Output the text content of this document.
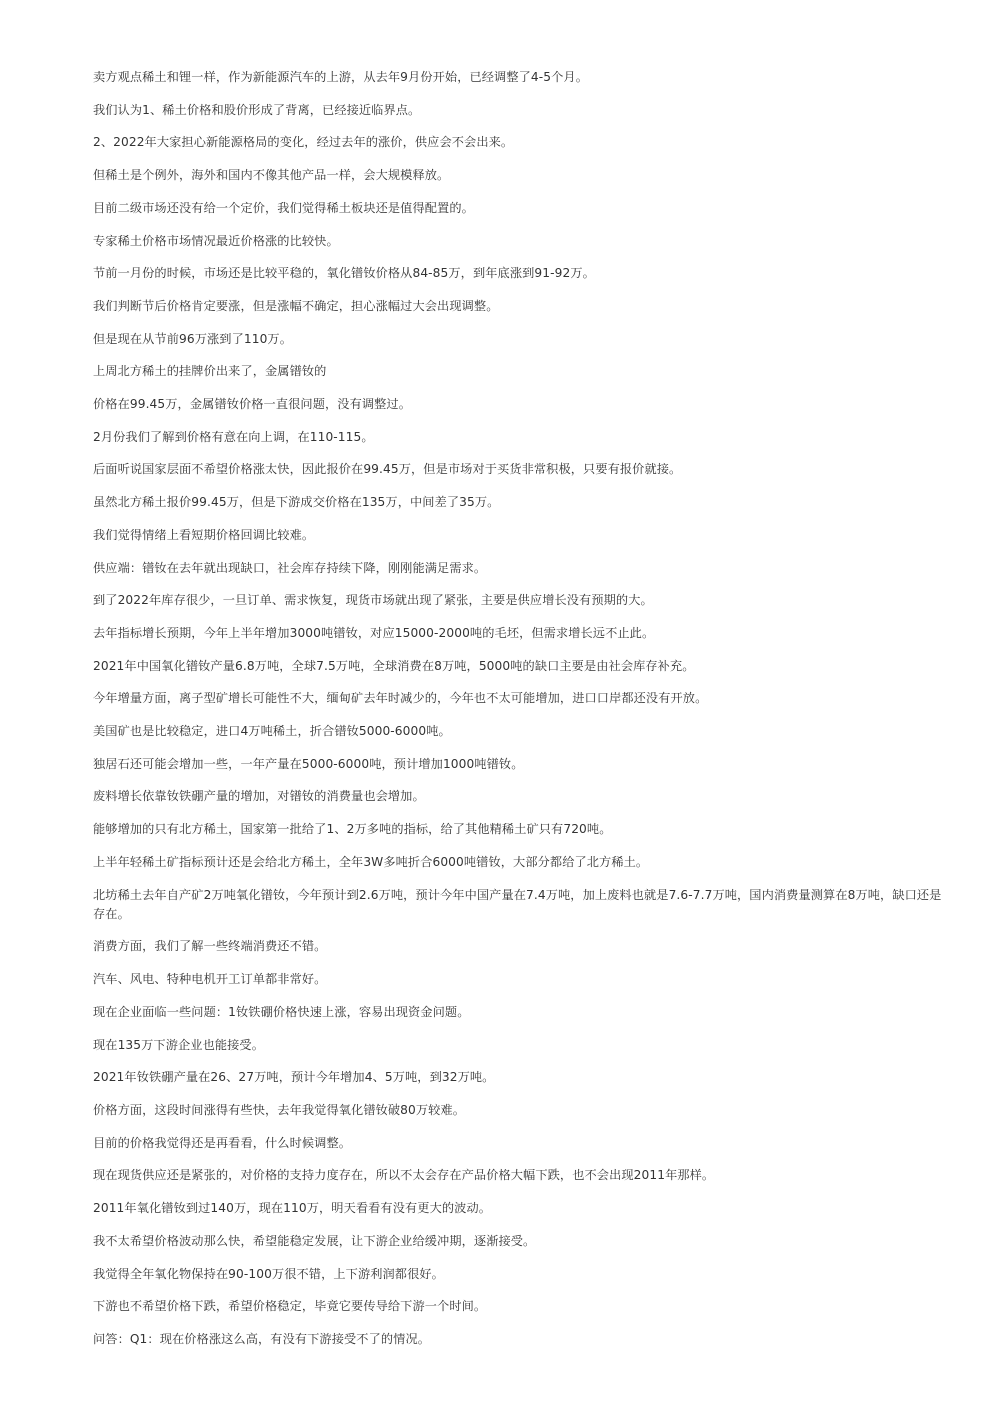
卖方观点稀土和锂一样，作为新能源汽车的上游，从去年9月份开始，已经调整了4-5个月。

我们认为1、稀土价格和股价形成了背离，已经接近临界点。

2、2022年大家担心新能源格局的变化，经过去年的涨价，供应会不会出来。

但稀土是个例外，海外和国内不像其他产品一样，会大规模释放。

目前二级市场还没有给一个定价，我们觉得稀土板块还是值得配置的。

专家稀土价格市场情况最近价格涨的比较快。

节前一月份的时候，市场还是比较平稳的，氧化镨钕价格从84-85万，到年底涨到91-92万。

我们判断节后价格肯定要涨，但是涨幅不确定，担心涨幅过大会出现调整。

但是现在从节前96万涨到了110万。

上周北方稀土的挂牌价出来了，金属镨钕的

价格在99.45万，金属镨钕价格一直很问题，没有调整过。

2月份我们了解到价格有意在向上调，在110-115。

后面听说国家层面不希望价格涨太快，因此报价在99.45万，但是市场对于买货非常积极，只要有报价就接。

虽然北方稀土报价99.45万，但是下游成交价格在135万，中间差了35万。

我们觉得情绪上看短期价格回调比较难。

供应端：镨钕在去年就出现缺口，社会库存持续下降，刚刚能满足需求。

到了2022年库存很少，一旦订单、需求恢复，现货市场就出现了紧张，主要是供应增长没有预期的大。

去年指标增长预期，今年上半年增加3000吨镨钕，对应15000-2000吨的毛坯，但需求增长远不止此。

2021年中国氧化镨钕产量6.8万吨，全球7.5万吨，全球消费在8万吨，5000吨的缺口主要是由社会库存补充。

今年增量方面，离子型矿增长可能性不大，缅甸矿去年时减少的，今年也不太可能增加，进口口岸都还没有开放。

美国矿也是比较稳定，进口4万吨稀土，折合镨钕5000-6000吨。

独居石还可能会增加一些，一年产量在5000-6000吨，预计增加1000吨镨钕。

废料增长依靠钕铁硼产量的增加，对镨钕的消费量也会增加。

能够增加的只有北方稀土，国家第一批给了1、2万多吨的指标，给了其他精稀土矿只有720吨。

上半年轻稀土矿指标预计还是会给北方稀土，全年3W多吨折合6000吨镨钕，大部分都给了北方稀土。

北坊稀土去年自产矿2万吨氧化镨钕，今年预计到2.6万吨，预计今年中国产量在7.4万吨，加上废料也就是7.6-7.7万吨，国内消费量测算在8万吨，缺口还是存在。

消费方面，我们了解一些终端消费还不错。

汽车、风电、特种电机开工订单都非常好。

现在企业面临一些问题：1钕铁硼价格快速上涨，容易出现资金问题。

现在135万下游企业也能接受。

2021年钕铁硼产量在26、27万吨，预计今年增加4、5万吨，到32万吨。

价格方面，这段时间涨得有些快，去年我觉得氧化镨钕破80万较难。

目前的价格我觉得还是再看看，什么时候调整。

现在现货供应还是紧张的，对价格的支持力度存在，所以不太会存在产品价格大幅下跌，也不会出现2011年那样。

2011年氧化镨钕到过140万，现在110万，明天看看有没有更大的波动。

我不太希望价格波动那么快，希望能稳定发展，让下游企业给缓冲期，逐渐接受。

我觉得全年氧化物保持在90-100万很不错，上下游利润都很好。

下游也不希望价格下跌，希望价格稳定，毕竟它要传导给下游一个时间。

问答：Q1：现在价格涨这么高，有没有下游接受不了的情况。
